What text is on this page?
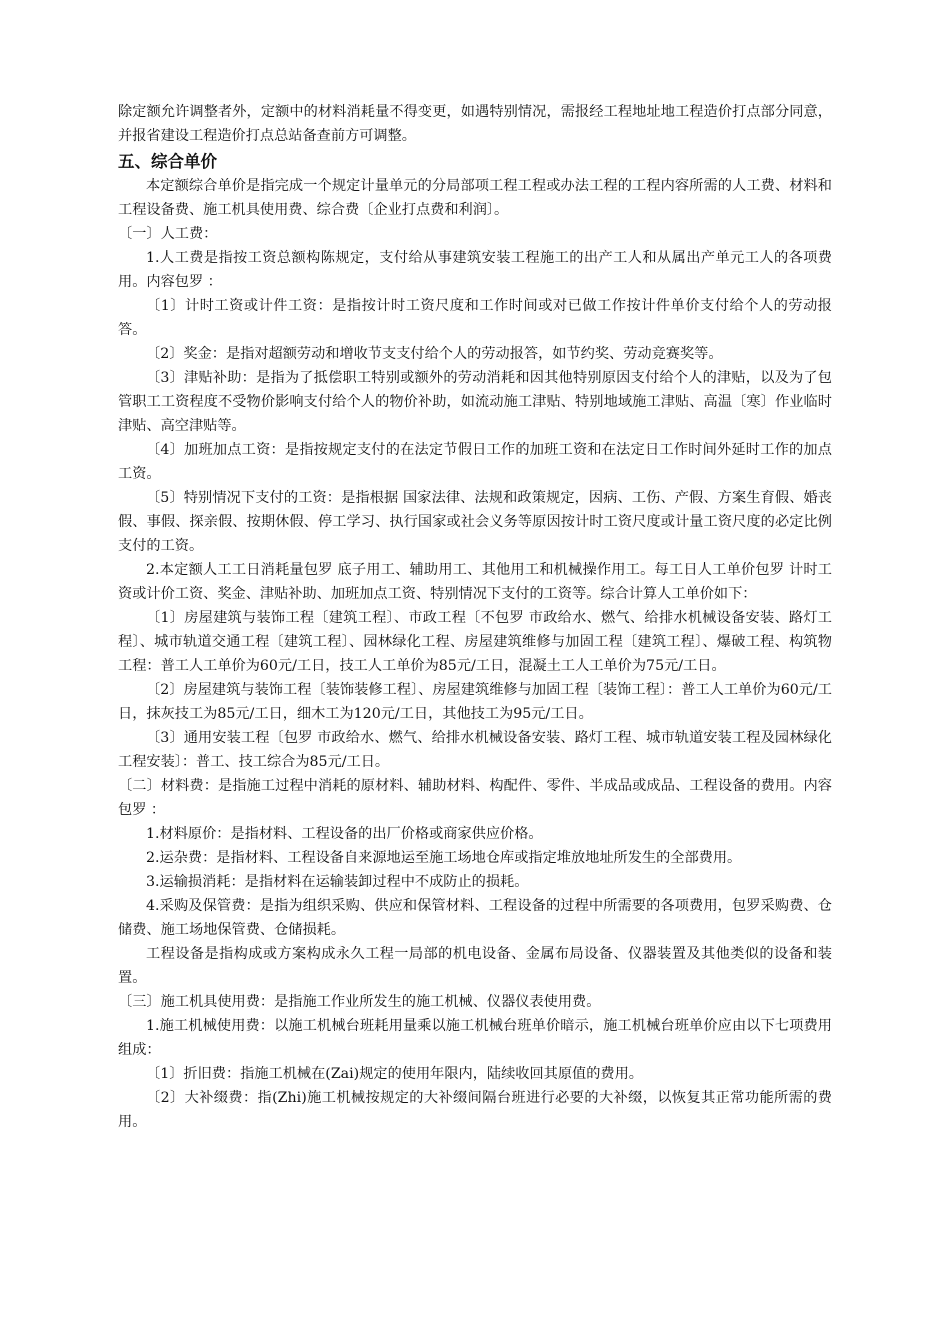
除定额允许调整者外，定额中的材料消耗量不得变更，如遇特别情况，需报经工程地址地工程造价打点部分同意，并报省建设工程造价打点总站备查前方可调整。

五、综合单价

本定额综合单价是指完成一个规定计量单元的分局部项工程工程或办法工程的工程内容所需的人工费、材料和工程设备费、施工机具使用费、综合费〔企业打点费和利润〕。

〔一〕人工费：

1.人工费是指按工资总额构陈规定，支付给从事建筑安装工程施工的出产工人和从属出产单元工人的各项费用。内容包罗 ：

〔1〕计时工资或计件工资：是指按计时工资尺度和工作时间或对已做工作按计件单价支付给个人的劳动报答。

〔2〕奖金：是指对超额劳动和增收节支支付给个人的劳动报答，如节约奖、劳动竞赛奖等。

〔3〕津贴补助：是指为了抵偿职工特别或额外的劳动消耗和因其他特别原因支付给个人的津贴，以及为了包管职工工资程度不受物价影响支付给个人的物价补助，如流动施工津贴、特别地域施工津贴、高温〔寒〕作业临时津贴、高空津贴等。

〔4〕加班加点工资：是指按规定支付的在法定节假日工作的加班工资和在法定日工作时间外延时工作的加点工资。

〔5〕特别情况下支付的工资：是指根据 国家法律、法规和政策规定，因病、工伤、产假、方案生育假、婚丧假、事假、探亲假、按期休假、停工学习、执行国家或社会义务等原因按计时工资尺度或计量工资尺度的必定比例支付的工资。

2.本定额人工工日消耗量包罗 底子用工、辅助用工、其他用工和机械操作用工。每工日人工单价包罗 计时工资或计价工资、奖金、津贴补助、加班加点工资、特别情况下支付的工资等。综合计算人工单价如下：

〔1〕房屋建筑与装饰工程〔建筑工程〕、市政工程〔不包罗 市政给水、燃气、给排水机械设备安装、路灯工程〕、城市轨道交通工程〔建筑工程〕、园林绿化工程、房屋建筑维修与加固工程〔建筑工程〕、爆破工程、构筑物工程：普工人工单价为60元/工日，技工人工单价为85元/工日，混凝土工人工单价为75元/工日。

〔2〕房屋建筑与装饰工程〔装饰装修工程〕、房屋建筑维修与加固工程〔装饰工程〕：普工人工单价为60元/工日，抹灰技工为85元/工日，细木工为120元/工日，其他技工为95元/工日。

〔3〕通用安装工程〔包罗 市政给水、燃气、给排水机械设备安装、路灯工程、城市轨道安装工程及园林绿化工程安装〕：普工、技工综合为85元/工日。

〔二〕材料费：是指施工过程中消耗的原材料、辅助材料、构配件、零件、半成品或成品、工程设备的费用。内容包罗 ：

1.材料原价：是指材料、工程设备的出厂价格或商家供应价格。

2.运杂费：是指材料、工程设备自来源地运至施工场地仓库或指定堆放地址所发生的全部费用。

3.运输损消耗：是指材料在运输装卸过程中不成防止的损耗。

4.采购及保管费：是指为组织采购、供应和保管材料、工程设备的过程中所需要的各项费用，包罗采购费、仓储费、施工场地保管费、仓储损耗。

工程设备是指构成或方案构成永久工程一局部的机电设备、金属布局设备、仪器装置及其他类似的设备和装置。

〔三〕施工机具使用费：是指施工作业所发生的施工机械、仪器仪表使用费。

1.施工机械使用费：以施工机械台班耗用量乘以施工机械台班单价暗示，施工机械台班单价应由以下七项费用组成：

〔1〕折旧费：指施工机械在(Zai)规定的使用年限内，陆续收回其原值的费用。

〔2〕大补缀费：指(Zhi)施工机械按规定的大补缀间隔台班进行必要的大补缀，以恢复其正常功能所需的费用。
